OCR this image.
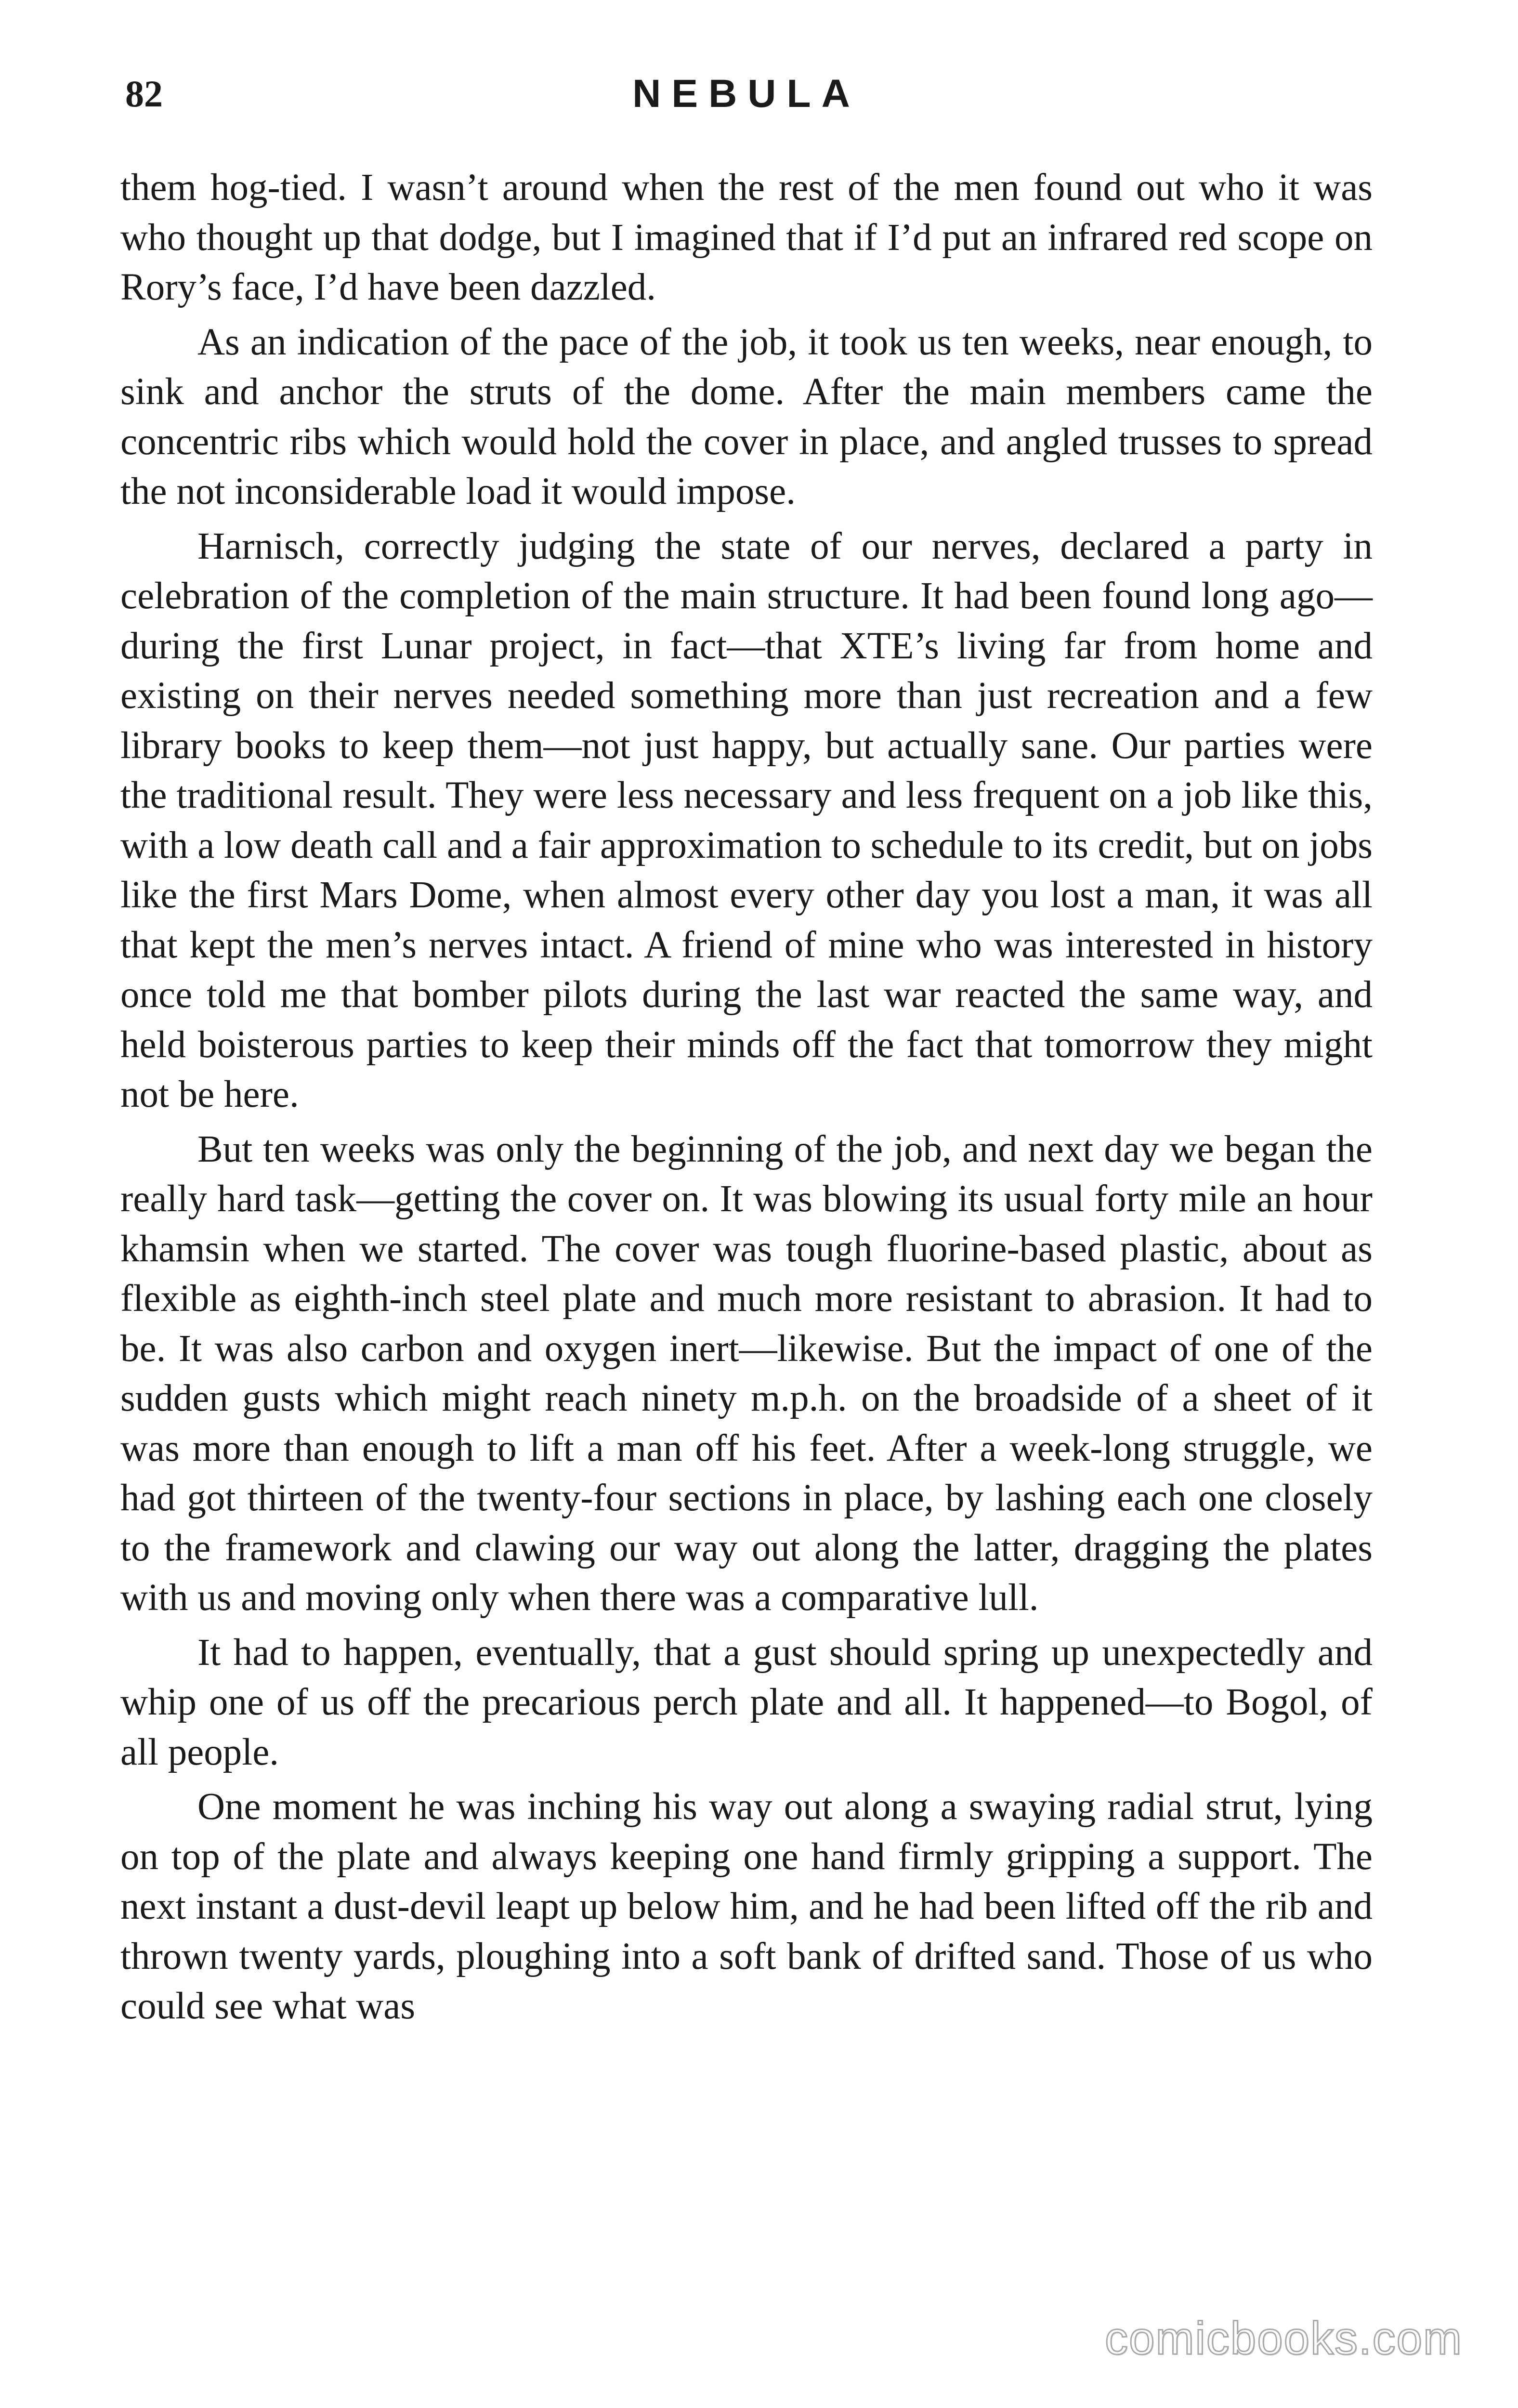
82	NEBULA

them hog-tied. I wasn’t around when the rest of the men found out who it was who thought up that dodge, but I imagined that if I’d put an infrared red scope on Rory’s face, I’d have been dazzled.

As an indication of the pace of the job, it took us ten weeks, near enough, to sink and anchor the struts of the dome. After the main members came the concentric ribs which would hold the cover in place, and angled trusses to spread the not inconsiderable load it would impose.

Harnisch, correctly judging the state of our nerves, declared a party in celebration of the completion of the main structure. It had been found long ago—during the first Lunar project, in fact—that XTE’s living far from home and existing on their nerves needed something more than just recreation and a few library books to keep them—not just happy, but actually sane. Our parties were the traditional result. They were less necessary and less frequent on a job like this, with a low death call and a fair approximation to schedule to its credit, but on jobs like the first Mars Dome, when almost every other day you lost a man, it was all that kept the men’s nerves intact. A friend of mine who was interested in history once told me that bomber pilots during the last war reacted the same way, and held boisterous parties to keep their minds off the fact that tomorrow they might not be here.

But ten weeks was only the beginning of the job, and next day we began the really hard task—getting the cover on. It was blowing its usual forty mile an hour khamsin when we started. The cover was tough fluorine-based plastic, about as flexible as eighth-inch steel plate and much more resistant to abrasion. It had to be. It was also carbon and oxygen inert—likewise. But the impact of one of the sudden gusts which might reach ninety m.p.h. on the broadside of a sheet of it was more than enough to lift a man off his feet. After a week-long struggle, we had got thirteen of the twenty-four sections in place, by lashing each one closely to the framework and clawing our way out along the latter, dragging the plates with us and moving only when there was a comparative lull.

It had to happen, eventually, that a gust should spring up unexpectedly and whip one of us off the precarious perch plate and all. It happened—to Bogol, of all people.

One moment he was inching his way out along a swaying radial strut, lying on top of the plate and always keeping one hand firmly gripping a support. The next instant a dust-devil leapt up below him, and he had been lifted off the rib and thrown twenty yards, ploughing into a soft bank of drifted sand. Those of us who could see what was

comicbooks.com
